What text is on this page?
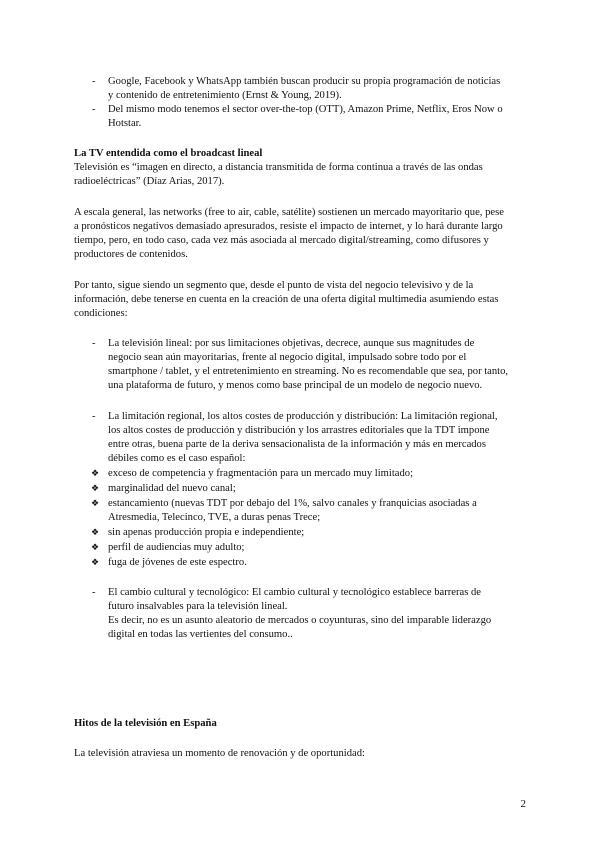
- Google, Facebook y WhatsApp también buscan producir su propia programación de noticias
y contenido de entretenimiento (Ernst & Young, 2019).
- Del mismo modo tenemos el sector over-the-top (OTT), Amazon Prime, Netflix, Eros Now o
Hotstar.
La TV entendida como el broadcast lineal
Televisión es “imagen en directo, a distancia transmitida de forma continua a través de las ondas
radioeléctricas” (Díaz Arias, 2017).
A escala general, las networks (free to air, cable, satélite) sostienen un mercado mayoritario que, pese
a pronósticos negativos demasiado apresurados, resiste el impacto de internet, y lo hará durante largo
tiempo, pero, en todo caso, cada vez más asociada al mercado digital/streaming, como difusores y
productores de contenidos.
Por tanto, sigue siendo un segmento que, desde el punto de vista del negocio televisivo y de la
información, debe tenerse en cuenta en la creación de una oferta digital multimedia asumiendo estas
condiciones:
- La televisión lineal: por sus limitaciones objetivas, decrece, aunque sus magnitudes de
negocio sean aún mayoritarias, frente al negocio digital, impulsado sobre todo por el
smartphone / tablet, y el entretenimiento en streaming. No es recomendable que sea, por tanto,
una plataforma de futuro, y menos como base principal de un modelo de negocio nuevo.
- La limitación regional, los altos costes de producción y distribución: La limitación regional,
los altos costes de producción y distribución y los arrastres editoriales que la TDT impone
entre otras, buena parte de la deriva sensacionalista de la información y más en mercados
débiles como es el caso español:
❖ exceso de competencia y fragmentación para un mercado muy limitado;
❖ marginalidad del nuevo canal;
❖ estancamiento (nuevas TDT por debajo del 1%, salvo canales y franquicias asociadas a
Atresmedia, Telecinco, TVE, a duras penas Trece;
❖ sin apenas producción propia e independiente;
❖ perfil de audiencias muy adulto;
❖ fuga de jóvenes de este espectro.
- El cambio cultural y tecnológico: El cambio cultural y tecnológico establece barreras de
futuro insalvables para la televisión lineal.
Es decir, no es un asunto aleatorio de mercados o coyunturas, sino del imparable liderazgo
digital en todas las vertientes del consumo..
Hitos de la televisión en España
La televisión atraviesa un momento de renovación y de oportunidad:
2
